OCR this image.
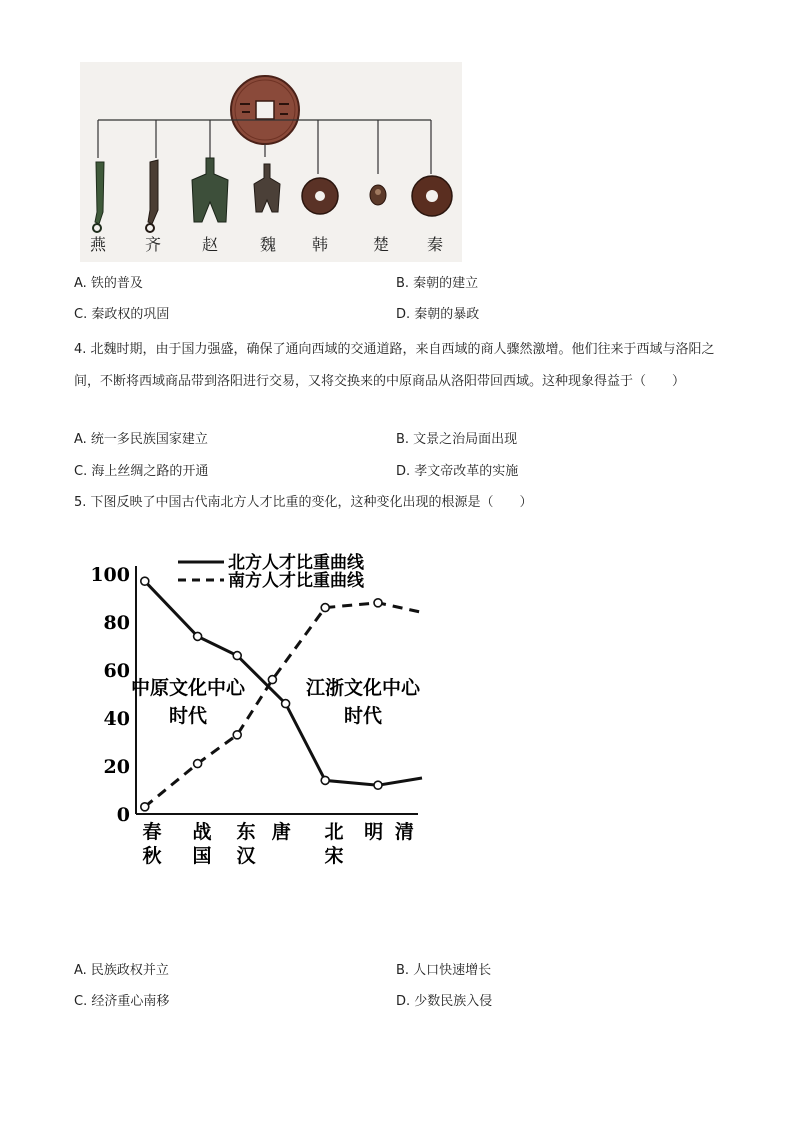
燕 齐	赵	魏 韩	楚 秦
A. 铁的普及	B. 秦朝的建立
C. 秦政权的巩固	D. 秦朝的暴政
4. 北魏时期，由于国力强盛，确保了通向西域的交通道路，来自西域的商人骤然激增。他们往来于西域与洛阳之间，不断将西域商品带到洛阳进行交易，又将交换来的中原商品从洛阳带回西域。这种现象得益于（　　）
A. 统一多民族国家建立	B. 文景之治局面出现
C. 海上丝绸之路的开通	D. 孝文帝改革的实施
5. 下图反映了中国古代南北方人才比重的变化，这种变化出现的根源是（　　）
北方人才比重曲线
南方人才比重曲线
0
20
40
60
80
100
春
秋
战
国
东
汉
唐 北
宋
明 清
中原文化中心
时代
江浙文化中心
时代
A. 民族政权并立	B. 人口快速增长
C. 经济重心南移	D. 少数民族入侵
